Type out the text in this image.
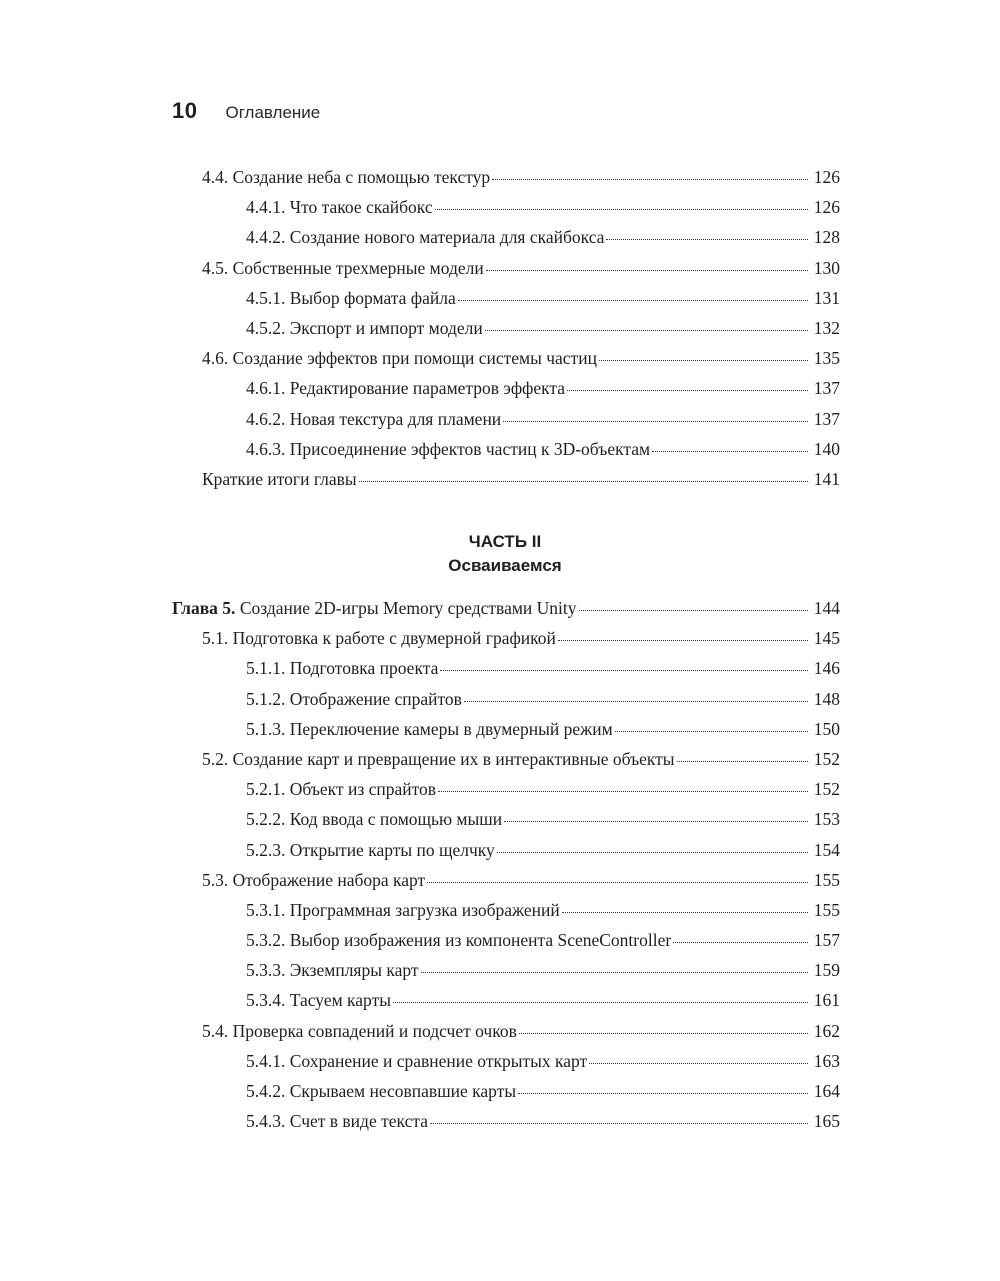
10 Оглавление
4.4. Создание неба с помощью текстур	126
4.4.1. Что такое скайбокс	126
4.4.2. Создание нового материала для скайбокса	128
4.5. Собственные трехмерные модели	130
4.5.1. Выбор формата файла	131
4.5.2. Экспорт и импорт модели	132
4.6. Создание эффектов при помощи системы частиц	135
4.6.1. Редактирование параметров эффекта	137
4.6.2. Новая текстура для пламени	137
4.6.3. Присоединение эффектов частиц к 3D-объектам	140
Краткие итоги главы	141
ЧАСТЬ II
Осваиваемся
Глава 5. Создание 2D-игры Memory средствами Unity	144
5.1. Подготовка к работе с двумерной графикой	145
5.1.1. Подготовка проекта	146
5.1.2. Отображение спрайтов	148
5.1.3. Переключение камеры в двумерный режим	150
5.2. Создание карт и превращение их в интерактивные объекты	152
5.2.1. Объект из спрайтов	152
5.2.2. Код ввода с помощью мыши	153
5.2.3. Открытие карты по щелчку	154
5.3. Отображение набора карт	155
5.3.1. Программная загрузка изображений	155
5.3.2. Выбор изображения из компонента SceneController	157
5.3.3. Экземпляры карт	159
5.3.4. Тасуем карты	161
5.4. Проверка совпадений и подсчет очков	162
5.4.1. Сохранение и сравнение открытых карт	163
5.4.2. Скрываем несовпавшие карты	164
5.4.3. Счет в виде текста	165
